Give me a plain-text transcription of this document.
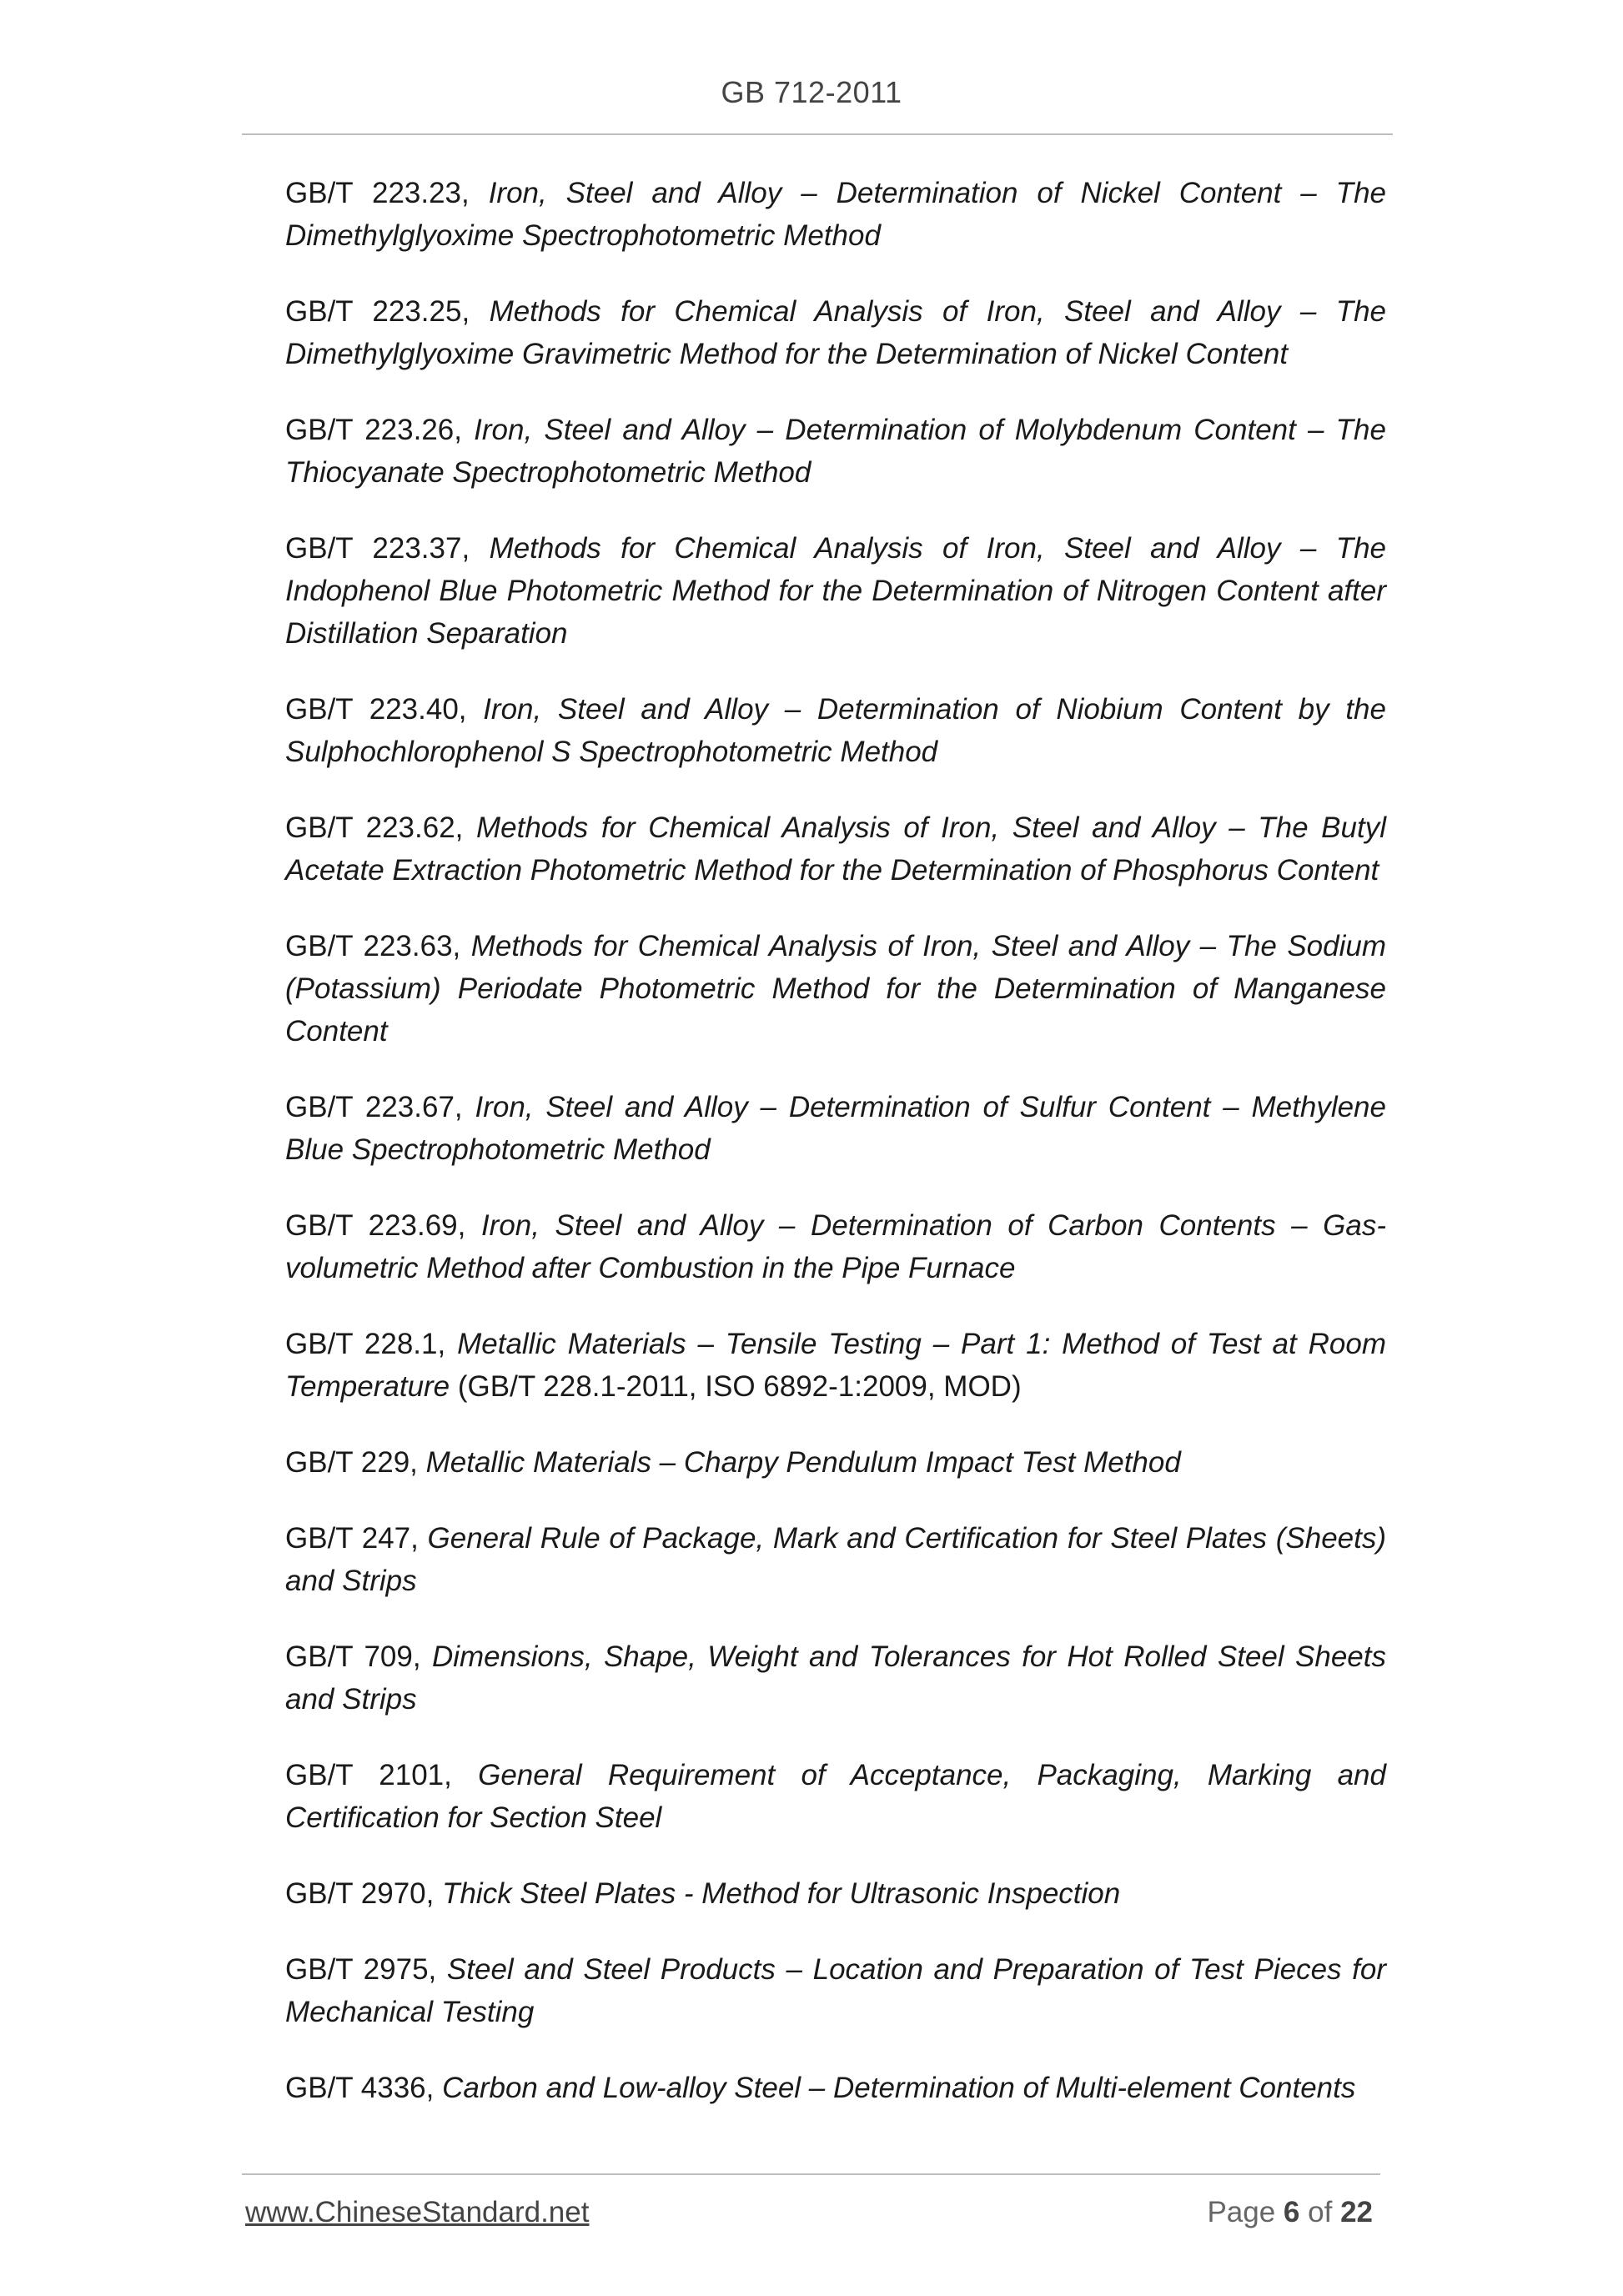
GB 712-2011

GB/T 223.23, Iron, Steel and Alloy – Determination of Nickel Content – The Dimethylglyoxime Spectrophotometric Method

GB/T 223.25, Methods for Chemical Analysis of Iron, Steel and Alloy – The Dimethylglyoxime Gravimetric Method for the Determination of Nickel Content

GB/T 223.26, Iron, Steel and Alloy – Determination of Molybdenum Content – The Thiocyanate Spectrophotometric Method

GB/T 223.37, Methods for Chemical Analysis of Iron, Steel and Alloy – The Indophenol Blue Photometric Method for the Determination of Nitrogen Content after Distillation Separation

GB/T 223.40, Iron, Steel and Alloy – Determination of Niobium Content by the Sulphochlorophenol S Spectrophotometric Method

GB/T 223.62, Methods for Chemical Analysis of Iron, Steel and Alloy – The Butyl Acetate Extraction Photometric Method for the Determination of Phosphorus Content

GB/T 223.63, Methods for Chemical Analysis of Iron, Steel and Alloy – The Sodium (Potassium) Periodate Photometric Method for the Determination of Manganese Content

GB/T 223.67, Iron, Steel and Alloy – Determination of Sulfur Content – Methylene Blue Spectrophotometric Method

GB/T 223.69, Iron, Steel and Alloy – Determination of Carbon Contents – Gas-volumetric Method after Combustion in the Pipe Furnace

GB/T 228.1, Metallic Materials – Tensile Testing – Part 1: Method of Test at Room Temperature (GB/T 228.1-2011, ISO 6892-1:2009, MOD)

GB/T 229, Metallic Materials – Charpy Pendulum Impact Test Method

GB/T 247, General Rule of Package, Mark and Certification for Steel Plates (Sheets) and Strips

GB/T 709, Dimensions, Shape, Weight and Tolerances for Hot Rolled Steel Sheets and Strips

GB/T 2101, General Requirement of Acceptance, Packaging, Marking and Certification for Section Steel

GB/T 2970, Thick Steel Plates - Method for Ultrasonic Inspection

GB/T 2975, Steel and Steel Products – Location and Preparation of Test Pieces for Mechanical Testing

GB/T 4336, Carbon and Low-alloy Steel – Determination of Multi-element Contents

www.ChineseStandard.net	Page 6 of 22
